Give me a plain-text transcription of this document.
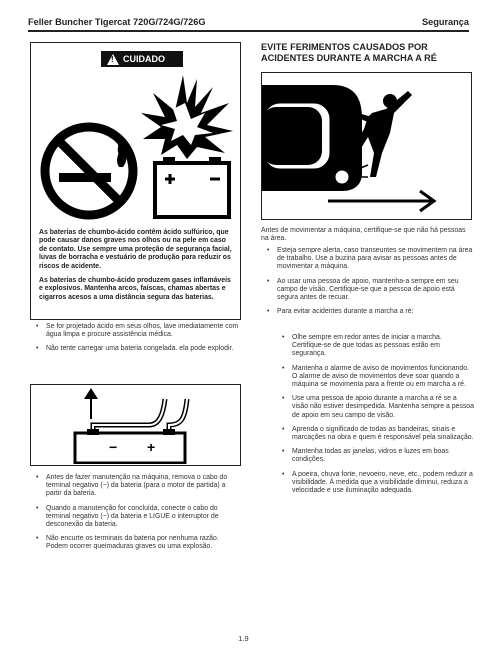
Feller Buncher Tigercat 720G/724G/726G	Segurança
! CUIDADO

As baterias de chumbo-ácido contêm ácido sulfúrico, que pode causar danos graves nos olhos ou na pele em caso de contato. Use sempre uma proteção de segurança facial, luvas de borracha e vestuário de produção para reduzir os riscos de acidente.

As baterias de chumbo-ácido produzem gases inflamáveis e explosivos. Mantenha arcos, faíscas, chamas abertas e cigarros acesos a uma distância segura das baterias.

• Se for projetado ácido em seus olhos, lave imediatamente com água limpa e procure assistência médica.
• Não tente carregar uma bateria congelada. ela pode explodir.
− +
• Antes de fazer manutenção na máquina, remova o cabo do terminal negativo (−) da bateria (para o motor de partida) a partir da bateria.
• Quando a manutenção for concluída, conecte o cabo do terminal negativo (−) da bateria e LIGUE o interruptor de desconexão da bateria.
• Não encurte os terminais da bateria por nenhuma razão. Podem ocorrer queimaduras graves ou uma explosão.
EVITE FERIMENTOS CAUSADOS POR ACIDENTES DURANTE A MARCHA A RÉ
Antes de movimentar a máquina, certifique-se que não há pessoas na área.
• Esteja sempre alerta, caso transeuntes se movimentem na área de trabalho. Use a buzina para avisar as pessoas antes de movimentar a máquina.
• Ao usar uma pessoa de apoio, mantenha-a sempre em seu campo de visão. Certifique-se que a pessoa de apoio está segura antes de recuar.
• Para evitar acidentes durante a marcha a ré:
• Olhe sempre em redor antes de iniciar a marcha. Certifique-se de que todas as pessoas estão em segurança.
• Mantenha o alarme de aviso de movimentos funcionando. O alarme de aviso de movimentos deve soar quando a máquina se movimenta para a frente ou em marcha a ré.
• Use uma pessoa de apoio durante a marcha a ré se a visão não estiver desimpedida. Mantenha sempre a pessoa de apoio em seu campo de visão.
• Aprenda o significado de todas as bandeiras, sinais e marcações na obra e quem é responsável pela sinalização.
• Mantenha todas as janelas, vidros e luzes em boas condições.
• A poeira, chuva forte, nevoeiro, neve, etc., podem reduzir a visibilidade. À medida que a visibilidade diminui, reduza a velocidade e use iluminação adequada.
1.9
